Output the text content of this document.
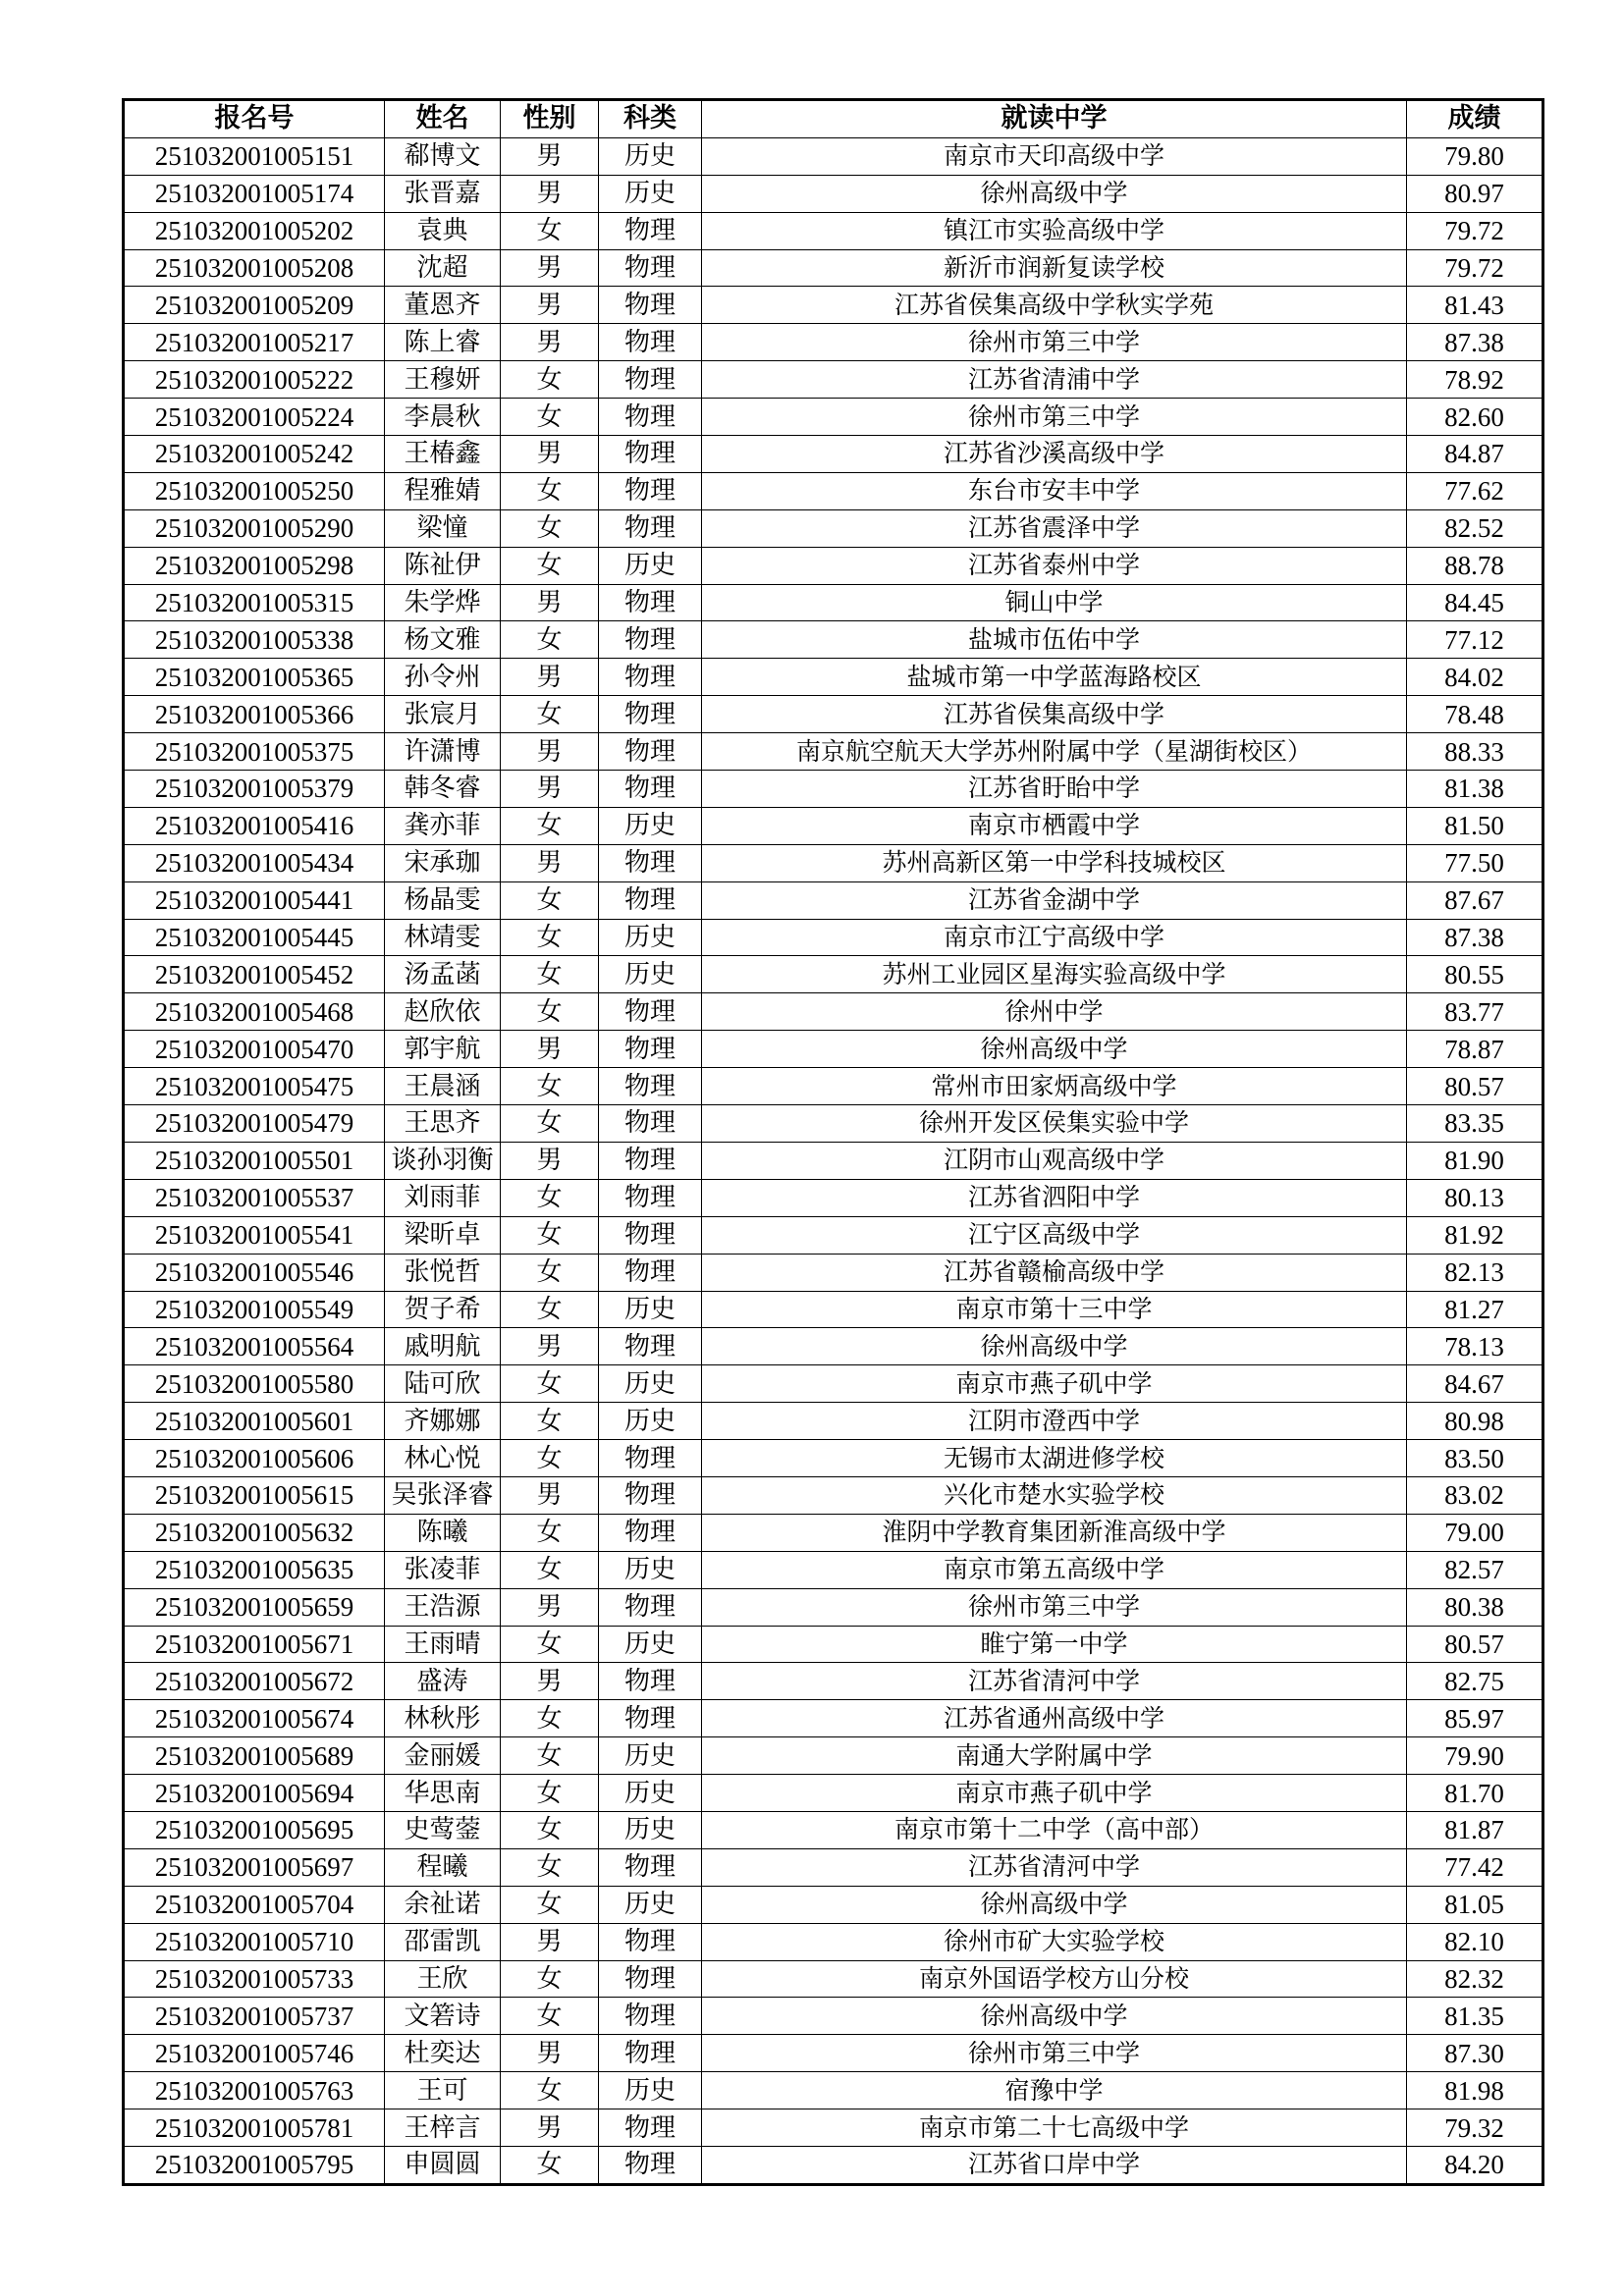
报名号	姓名	性别	科类	就读中学	成绩
251032001005151	郗博文	男	历史	南京市天印高级中学	79.80
251032001005174	张晋嘉	男	历史	徐州高级中学	80.97
251032001005202	袁典	女	物理	镇江市实验高级中学	79.72
251032001005208	沈超	男	物理	新沂市润新复读学校	79.72
251032001005209	董恩齐	男	物理	江苏省侯集高级中学秋实学苑	81.43
251032001005217	陈上睿	男	物理	徐州市第三中学	87.38
251032001005222	王穆妍	女	物理	江苏省清浦中学	78.92
251032001005224	李晨秋	女	物理	徐州市第三中学	82.60
251032001005242	王椿鑫	男	物理	江苏省沙溪高级中学	84.87
251032001005250	程雅婧	女	物理	东台市安丰中学	77.62
251032001005290	梁憧	女	物理	江苏省震泽中学	82.52
251032001005298	陈祉伊	女	历史	江苏省泰州中学	88.78
251032001005315	朱学烨	男	物理	铜山中学	84.45
251032001005338	杨文雅	女	物理	盐城市伍佑中学	77.12
251032001005365	孙令州	男	物理	盐城市第一中学蓝海路校区	84.02
251032001005366	张宸月	女	物理	江苏省侯集高级中学	78.48
251032001005375	许潇博	男	物理	南京航空航天大学苏州附属中学（星湖街校区）	88.33
251032001005379	韩冬睿	男	物理	江苏省盱眙中学	81.38
251032001005416	龚亦菲	女	历史	南京市栖霞中学	81.50
251032001005434	宋承珈	男	物理	苏州高新区第一中学科技城校区	77.50
251032001005441	杨晶雯	女	物理	江苏省金湖中学	87.67
251032001005445	林靖雯	女	历史	南京市江宁高级中学	87.38
251032001005452	汤孟菡	女	历史	苏州工业园区星海实验高级中学	80.55
251032001005468	赵欣依	女	物理	徐州中学	83.77
251032001005470	郭宇航	男	物理	徐州高级中学	78.87
251032001005475	王晨涵	女	物理	常州市田家炳高级中学	80.57
251032001005479	王思齐	女	物理	徐州开发区侯集实验中学	83.35
251032001005501	谈孙羽衡	男	物理	江阴市山观高级中学	81.90
251032001005537	刘雨菲	女	物理	江苏省泗阳中学	80.13
251032001005541	梁昕卓	女	物理	江宁区高级中学	81.92
251032001005546	张悦哲	女	物理	江苏省赣榆高级中学	82.13
251032001005549	贺子希	女	历史	南京市第十三中学	81.27
251032001005564	戚明航	男	物理	徐州高级中学	78.13
251032001005580	陆可欣	女	历史	南京市燕子矶中学	84.67
251032001005601	齐娜娜	女	历史	江阴市澄西中学	80.98
251032001005606	林心悦	女	物理	无锡市太湖进修学校	83.50
251032001005615	吴张泽睿	男	物理	兴化市楚水实验学校	83.02
251032001005632	陈曦	女	物理	淮阴中学教育集团新淮高级中学	79.00
251032001005635	张凌菲	女	历史	南京市第五高级中学	82.57
251032001005659	王浩源	男	物理	徐州市第三中学	80.38
251032001005671	王雨晴	女	历史	睢宁第一中学	80.57
251032001005672	盛涛	男	物理	江苏省清河中学	82.75
251032001005674	林秋彤	女	物理	江苏省通州高级中学	85.97
251032001005689	金丽媛	女	历史	南通大学附属中学	79.90
251032001005694	华思南	女	历史	南京市燕子矶中学	81.70
251032001005695	史莺蓥	女	历史	南京市第十二中学（高中部）	81.87
251032001005697	程曦	女	物理	江苏省清河中学	77.42
251032001005704	余祉诺	女	历史	徐州高级中学	81.05
251032001005710	邵雷凯	男	物理	徐州市矿大实验学校	82.10
251032001005733	王欣	女	物理	南京外国语学校方山分校	82.32
251032001005737	文箬诗	女	物理	徐州高级中学	81.35
251032001005746	杜奕达	男	物理	徐州市第三中学	87.30
251032001005763	王可	女	历史	宿豫中学	81.98
251032001005781	王梓言	男	物理	南京市第二十七高级中学	79.32
251032001005795	申圆圆	女	物理	江苏省口岸中学	84.20
